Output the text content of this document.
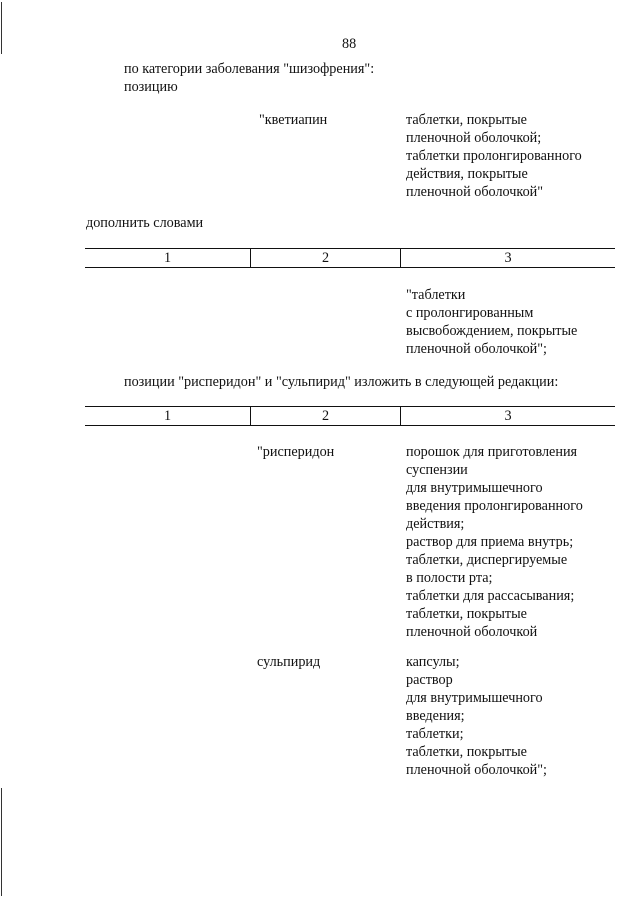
88
по категории заболевания "шизофрения":
позицию
"кветиапин	таблетки, покрытые
пленочной оболочкой;
таблетки пролонгированного
действия, покрытые
пленочной оболочкой"
дополнить словами
1	2	3
"таблетки
с пролонгированным
высвобождением, покрытые
пленочной оболочкой";
позиции "рисперидон" и "сульпирид" изложить в следующей редакции:
1	2	3
"рисперидон	порошок для приготовления
суспензии
для внутримышечного
введения пролонгированного
действия;
раствор для приема внутрь;
таблетки, диспергируемые
в полости рта;
таблетки для рассасывания;
таблетки, покрытые
пленочной оболочкой
сульпирид	капсулы;
раствор
для внутримышечного
введения;
таблетки;
таблетки, покрытые
пленочной оболочкой";
